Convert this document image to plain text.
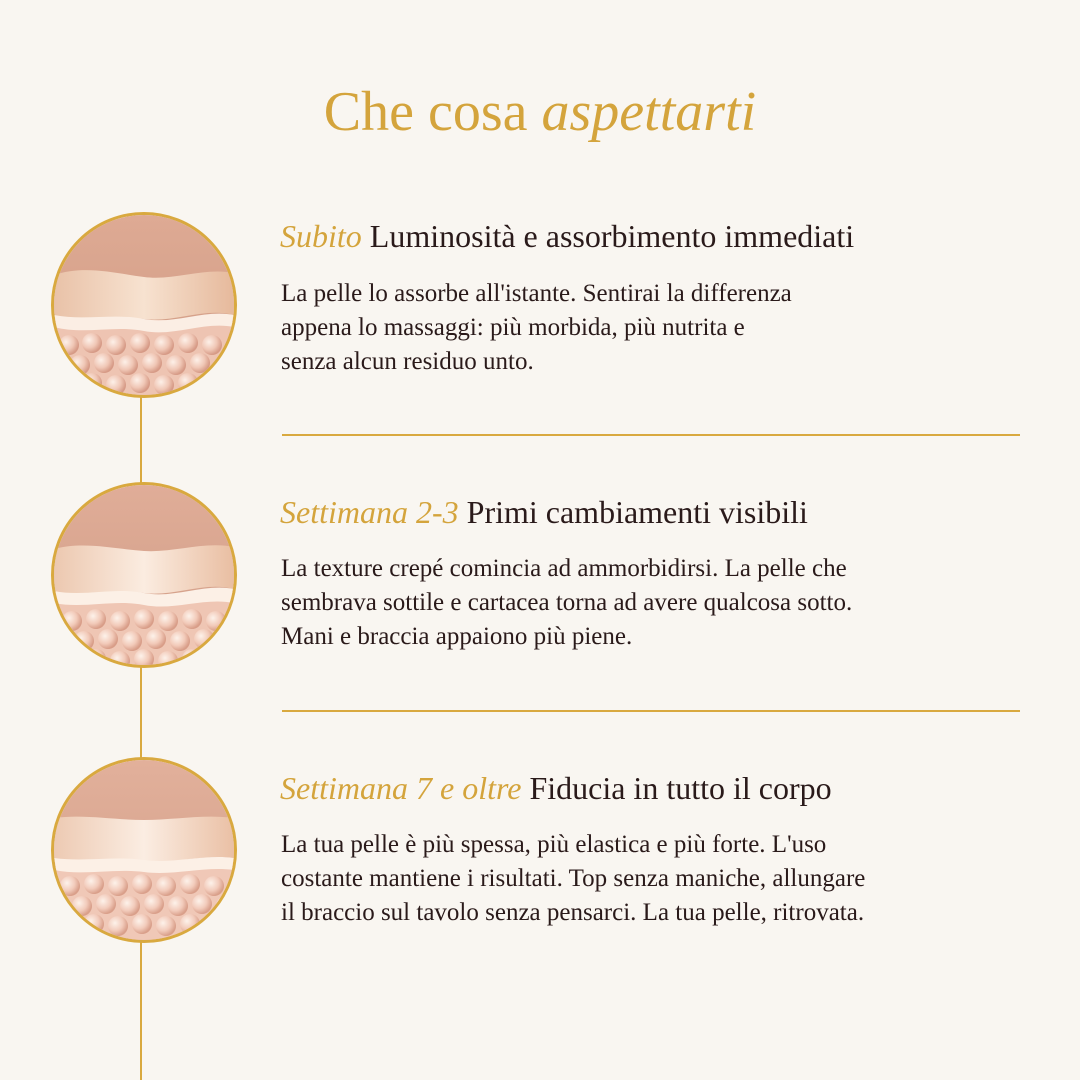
Che cosa aspettarti
Subito Luminosità e assorbimento immediati

La pelle lo assorbe all'istante. Sentirai la differenza
appena lo massaggi: più morbida, più nutrita e
senza alcun residuo unto.

Settimana 2-3 Primi cambiamenti visibili

La texture crepé comincia ad ammorbidirsi. La pelle che
sembrava sottile e cartacea torna ad avere qualcosa sotto.
Mani e braccia appaiono più piene.

Settimana 7 e oltre Fiducia in tutto il corpo

La tua pelle è più spessa, più elastica e più forte. L'uso
costante mantiene i risultati. Top senza maniche, allungare
il braccio sul tavolo senza pensarci. La tua pelle, ritrovata.
